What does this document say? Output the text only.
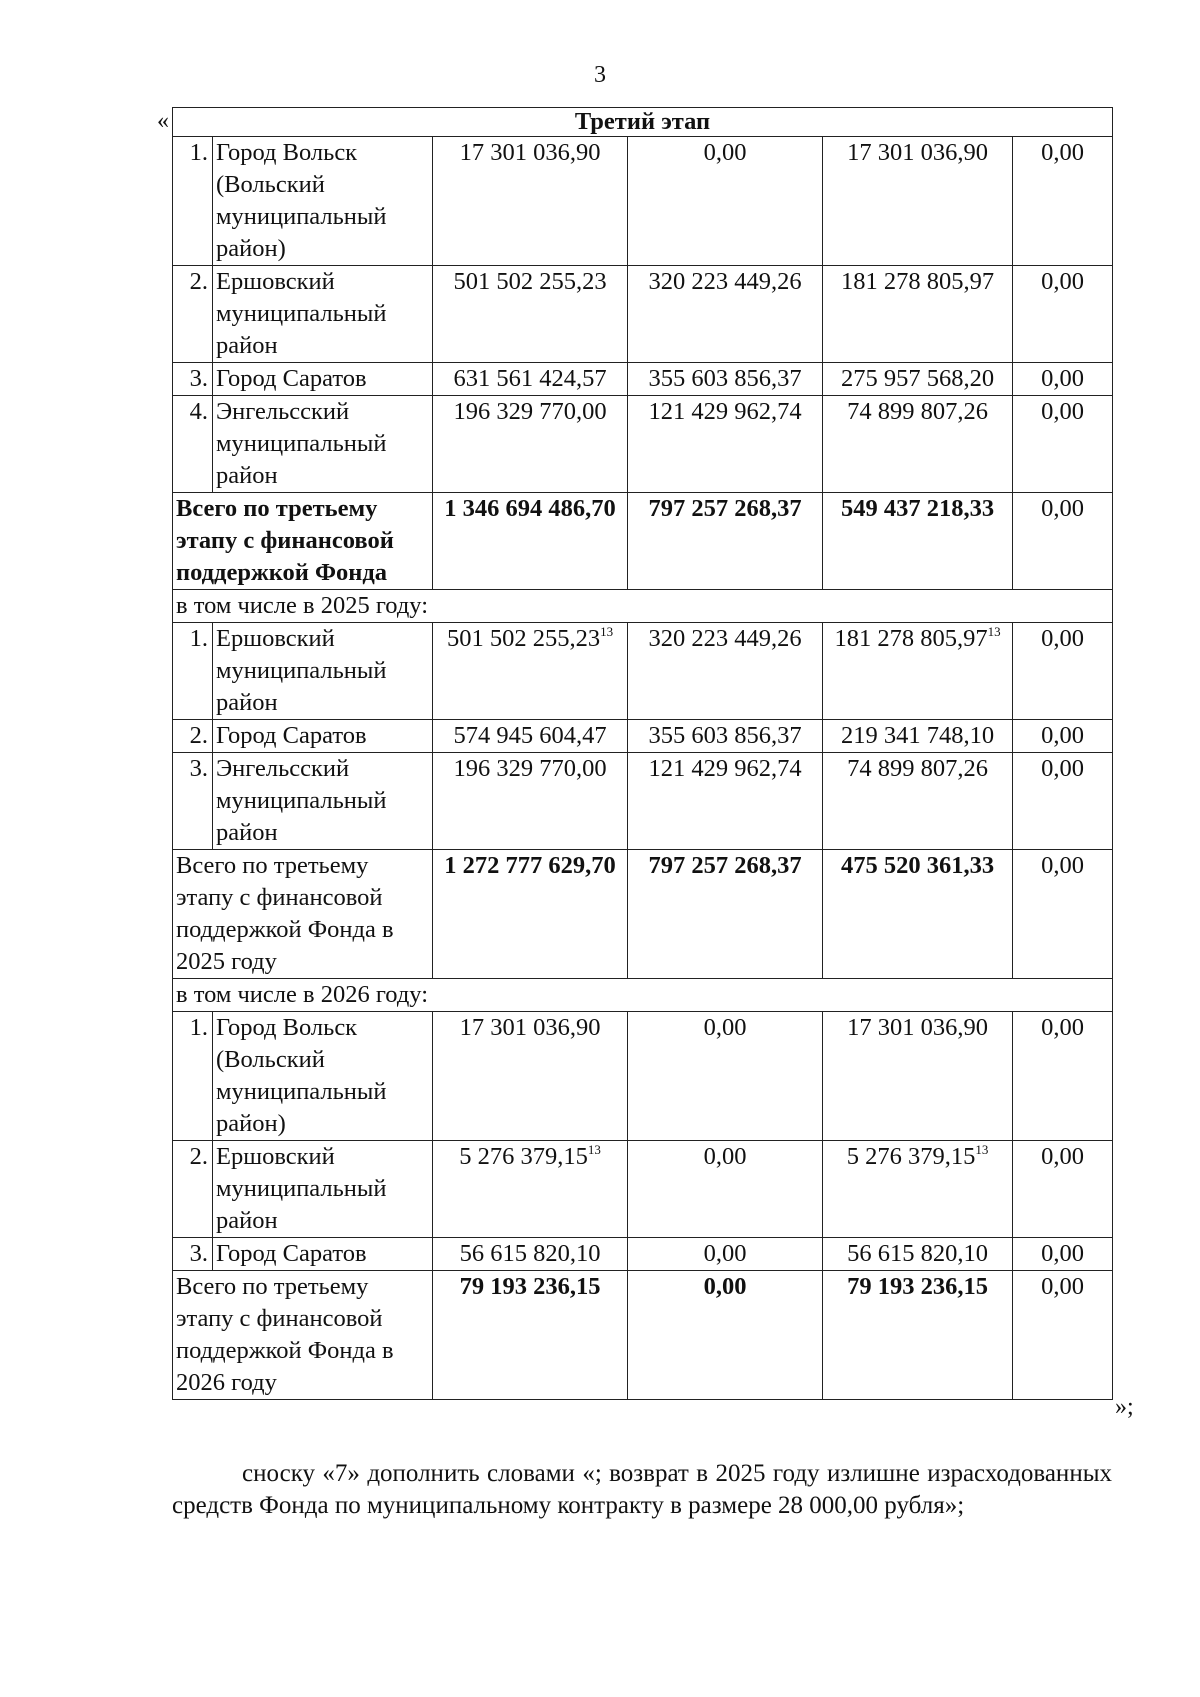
3
«	Третий этап					
1.	Город Вольск (Вольский муниципальный район)	17 301 036,90	0,00	17 301 036,90	0,00
2.	Ершовский муниципальный район	501 502 255,23	320 223 449,26	181 278 805,97	0,00
3.	Город Саратов	631 561 424,57	355 603 856,37	275 957 568,20	0,00
4.	Энгельсский муниципальный район	196 329 770,00	121 429 962,74	74 899 807,26	0,00
Всего по третьему этапу с финансовой поддержкой Фонда		1 346 694 486,70	797 257 268,37	549 437 218,33	0,00
в том числе в 2025 году:					
1.	Ершовский муниципальный район	501 502 255,23$^{13}$	320 223 449,26	181 278 805,97$^{13}$	0,00
2.	Город Саратов	574 945 604,47	355 603 856,37	219 341 748,10	0,00
3.	Энгельсский муниципальный район	196 329 770,00	121 429 962,74	74 899 807,26	0,00
Всего по третьему этапу с финансовой поддержкой Фонда в 2025 году		1 272 777 629,70	797 257 268,37	475 520 361,33	0,00
в том числе в 2026 году:					
1.	Город Вольск (Вольский муниципальный район)	17 301 036,90	0,00	17 301 036,90	0,00
2.	Ершовский муниципальный район	5 276 379,15$^{13}$	0,00	5 276 379,15$^{13}$	0,00
3.	Город Саратов	56 615 820,10	0,00	56 615 820,10	0,00
Всего по третьему этапу с финансовой поддержкой Фонда в 2026 году		79 193 236,15	0,00	79 193 236,15	0,00
»;
сноску «7» дополнить словами «; возврат в 2025 году излишне израсходованных средств Фонда по муниципальному контракту в размере 28 000,00 рубля»;
